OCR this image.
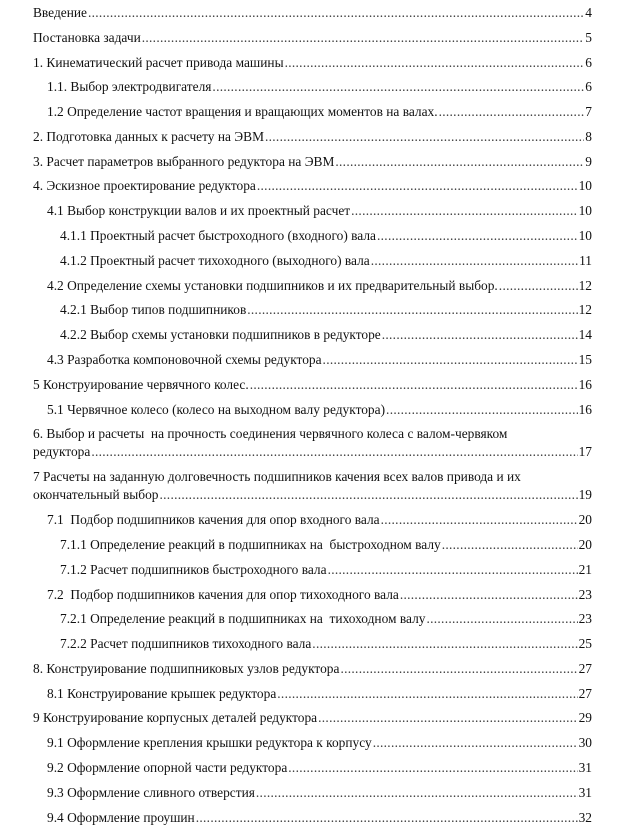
Введение .....	4
Постановка задачи .....	5
1. Кинематический расчет привода машины .....	6
1.1. Выбор электродвигателя .....	6
1.2 Определение частот вращения и вращающих моментов на валах. .....	7
2. Подготовка данных к расчету на ЭВМ .....	8
3. Расчет параметров выбранного редуктора на ЭВМ .....	9
4. Эскизное проектирование редуктора .....	10
4.1 Выбор конструкции валов и их проектный расчет .....	10
4.1.1 Проектный расчет быстроходного (входного) вала .....	10
4.1.2 Проектный расчет тихоходного (выходного) вала .....	11
4.2 Определение схемы установки подшипников и их предварительный выбор. .....	12
4.2.1 Выбор типов подшипников .....	12
4.2.2 Выбор схемы установки подшипников в редукторе .....	14
4.3 Разработка компоновочной схемы редуктора .....	15
5 Конструирование червячного колес. .....	16
5.1 Червячное колесо (колесо на выходном валу редуктора) .....	16
6. Выбор и расчеты  на прочность соединения червячного колеса с валом-червяком
редуктора .....	17
7 Расчеты на заданную долговечность подшипников качения всех валов привода и их
окончательный выбор .....	19
7.1  Подбор подшипников качения для опор входного вала .....	20
7.1.1 Определение реакций в подшипниках на  быстроходном валу .....	20
7.1.2 Расчет подшипников быстроходного вала .....	21
7.2  Подбор подшипников качения для опор тихоходного вала .....	23
7.2.1 Определение реакций в подшипниках на  тихоходном валу .....	23
7.2.2 Расчет подшипников тихоходного вала .....	25
8. Конструирование подшипниковых узлов редуктора .....	27
8.1 Конструирование крышек редуктора .....	27
9 Конструирование корпусных деталей редуктора .....	29
9.1 Оформление крепления крышки редуктора к корпусу .....	30
9.2 Оформление опорной части редуктора .....	31
9.3 Оформление сливного отверстия .....	31
9.4 Оформление проушин .....	32
